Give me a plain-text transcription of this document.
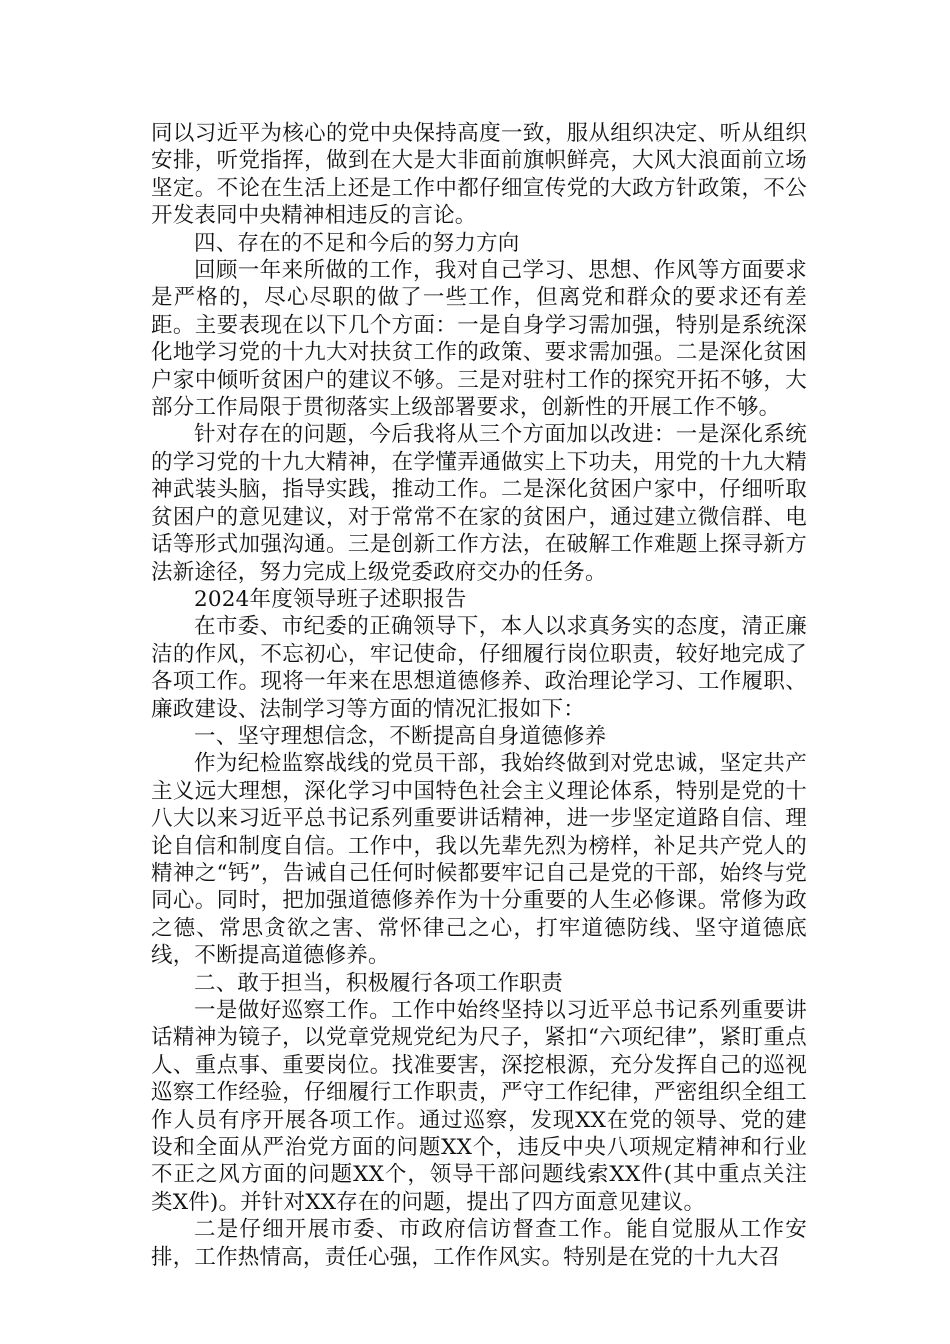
同以习近平为核心的党中央保持高度一致，服从组织决定、听从组织安排，听党指挥，做到在大是大非面前旗帜鲜亮，大风大浪面前立场坚定。不论在生活上还是工作中都仔细宣传党的大政方针政策，不公开发表同中央精神相违反的言论。

四、存在的不足和今后的努力方向

回顾一年来所做的工作，我对自己学习、思想、作风等方面要求是严格的，尽心尽职的做了一些工作，但离党和群众的要求还有差距。主要表现在以下几个方面：一是自身学习需加强，特别是系统深化地学习党的十九大对扶贫工作的政策、要求需加强。二是深化贫困户家中倾听贫困户的建议不够。三是对驻村工作的探究开拓不够，大部分工作局限于贯彻落实上级部署要求，创新性的开展工作不够。

针对存在的问题，今后我将从三个方面加以改进：一是深化系统的学习党的十九大精神，在学懂弄通做实上下功夫，用党的十九大精神武装头脑，指导实践，推动工作。二是深化贫困户家中，仔细听取贫困户的意见建议，对于常常不在家的贫困户，通过建立微信群、电话等形式加强沟通。三是创新工作方法，在破解工作难题上探寻新方法新途径，努力完成上级党委政府交办的任务。

2024年度领导班子述职报告

在市委、市纪委的正确领导下，本人以求真务实的态度，清正廉洁的作风，不忘初心，牢记使命，仔细履行岗位职责，较好地完成了各项工作。现将一年来在思想道德修养、政治理论学习、工作履职、廉政建设、法制学习等方面的情况汇报如下：

一、坚守理想信念，不断提高自身道德修养

作为纪检监察战线的党员干部，我始终做到对党忠诚，坚定共产主义远大理想，深化学习中国特色社会主义理论体系，特别是党的十八大以来习近平总书记系列重要讲话精神，进一步坚定道路自信、理论自信和制度自信。工作中，我以先辈先烈为榜样，补足共产党人的精神之“钙”，告诫自己任何时候都要牢记自己是党的干部，始终与党同心。同时，把加强道德修养作为十分重要的人生必修课。常修为政之德、常思贪欲之害、常怀律己之心，打牢道德防线、坚守道德底线，不断提高道德修养。

二、敢于担当，积极履行各项工作职责

一是做好巡察工作。工作中始终坚持以习近平总书记系列重要讲话精神为镜子，以党章党规党纪为尺子，紧扣“六项纪律”，紧盯重点人、重点事、重要岗位。找准要害，深挖根源，充分发挥自己的巡视巡察工作经验，仔细履行工作职责，严守工作纪律，严密组织全组工作人员有序开展各项工作。通过巡察，发现XX在党的领导、党的建设和全面从严治党方面的问题XX个，违反中央八项规定精神和行业不正之风方面的问题XX个，领导干部问题线索XX件(其中重点关注类X件)。并针对XX存在的问题，提出了四方面意见建议。

二是仔细开展市委、市政府信访督查工作。能自觉服从工作安排，工作热情高，责任心强，工作作风实。特别是在党的十九大召
